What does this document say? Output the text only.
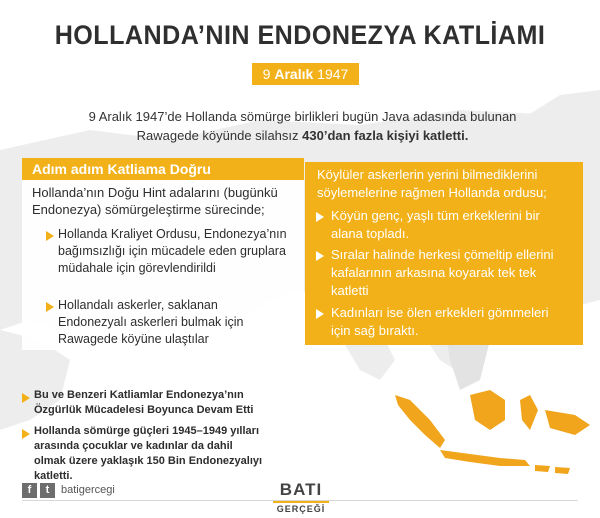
HOLLANDA’NIN ENDONEZYA KATLİAMI
9 Aralık 1947
9 Aralık 1947’de Hollanda sömürge birlikleri bugün Java adasında bulunan
Rawagede köyünde silahsız 430’dan fazla kişiyi katletti.
Adım adım Katliama Doğru
Hollanda’nın Doğu Hint adalarını (bugünkü Endonezya) sömürgeleştirme sürecinde;
Hollanda Kraliyet Ordusu, Endonezya’nın bağımsızlığı için mücadele eden gruplara müdahale için görevlendirildi
Hollandalı askerler, saklanan Endonezyalı askerleri bulmak için Rawagede köyüne ulaştılar
Köylüler askerlerin yerini bilmediklerini söylemelerine rağmen Hollanda ordusu;
Köyün genç, yaşlı tüm erkeklerini bir alana topladı.
Sıralar halinde herkesi çömeltip ellerini kafalarının arkasına koyarak tek tek katletti
Kadınları ise ölen erkekleri gömmeleri için sağ bıraktı.
Bu ve Benzeri Katliamlar Endonezya’nın Özgürlük Mücadelesi Boyunca Devam Etti
Hollanda sömürge güçleri 1945–1949 yılları arasında çocuklar ve kadınlar da dahil olmak üzere yaklaşık 150 Bin Endonezyalıyı katletti.
f	t	batigercegi	BATI
GERÇEĞİ
